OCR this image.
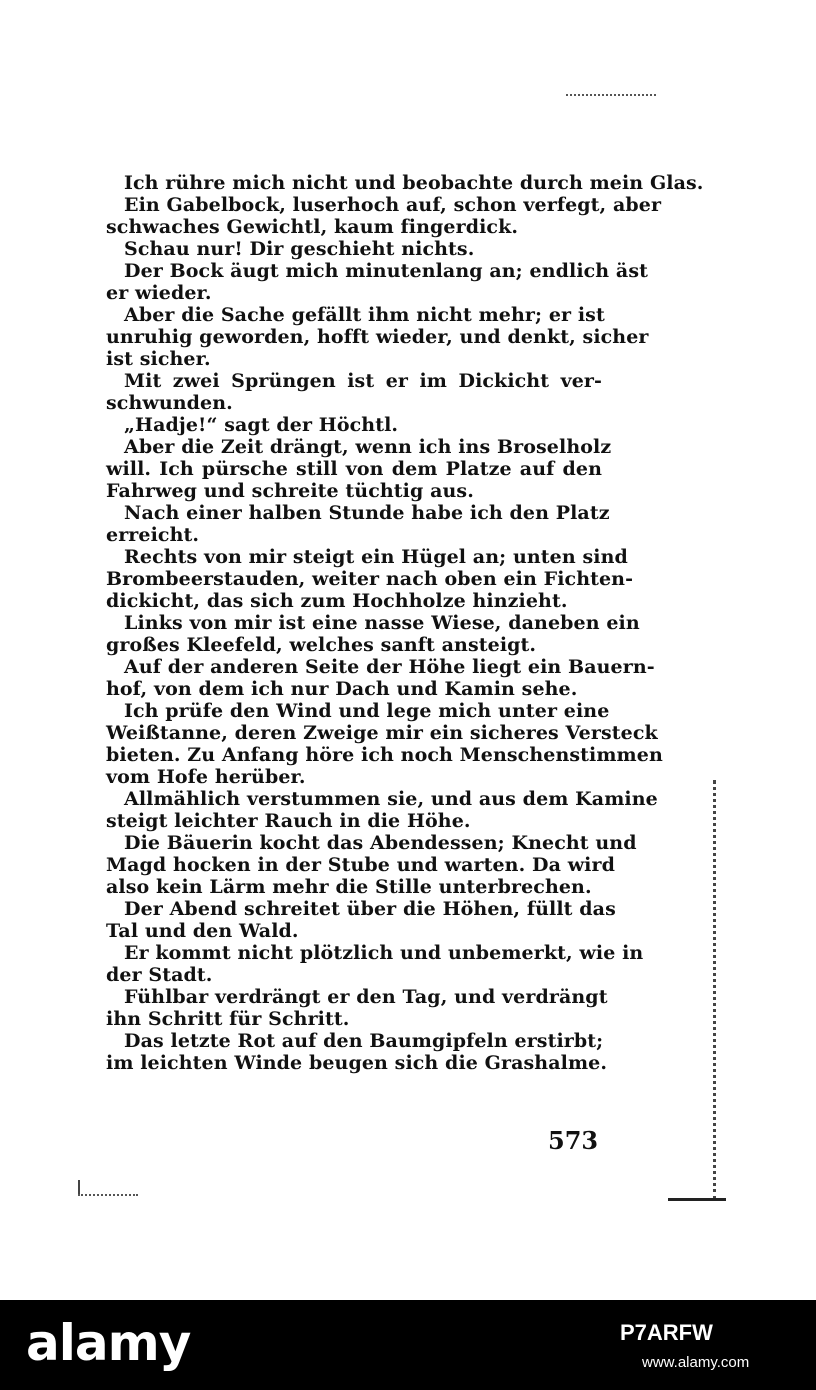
Ich rühre mich nicht und beobachte durch mein Glas.
Ein Gabelbock, luserhoch auf, schon verfegt, aber
schwaches Gewichtl, kaum fingerdick.
Schau nur! Dir geschieht nichts.
Der Bock äugt mich minutenlang an; endlich äst
er wieder.
Aber die Sache gefällt ihm nicht mehr; er ist
unruhig geworden, hofft wieder, und denkt, sicher
ist sicher.
Mit zwei Sprüngen ist er im Dickicht ver-
schwunden.
„Hadje!“ sagt der Höchtl.
Aber die Zeit drängt, wenn ich ins Broselholz
will. Ich pürsche still von dem Platze auf den
Fahrweg und schreite tüchtig aus.
Nach einer halben Stunde habe ich den Platz
erreicht.
Rechts von mir steigt ein Hügel an; unten sind
Brombeerstauden, weiter nach oben ein Fichten-
dickicht, das sich zum Hochholze hinzieht.
Links von mir ist eine nasse Wiese, daneben ein
großes Kleefeld, welches sanft ansteigt.
Auf der anderen Seite der Höhe liegt ein Bauern-
hof, von dem ich nur Dach und Kamin sehe.
Ich prüfe den Wind und lege mich unter eine
Weißtanne, deren Zweige mir ein sicheres Versteck
bieten. Zu Anfang höre ich noch Menschenstimmen
vom Hofe herüber.
Allmählich verstummen sie, und aus dem Kamine
steigt leichter Rauch in die Höhe.
Die Bäuerin kocht das Abendessen; Knecht und
Magd hocken in der Stube und warten. Da wird
also kein Lärm mehr die Stille unterbrechen.
Der Abend schreitet über die Höhen, füllt das
Tal und den Wald.
Er kommt nicht plötzlich und unbemerkt, wie in
der Stadt.
Fühlbar verdrängt er den Tag, und verdrängt
ihn Schritt für Schritt.
Das letzte Rot auf den Baumgipfeln erstirbt;
im leichten Winde beugen sich die Grashalme.
573
alamy	P7ARFW
www.alamy.com
